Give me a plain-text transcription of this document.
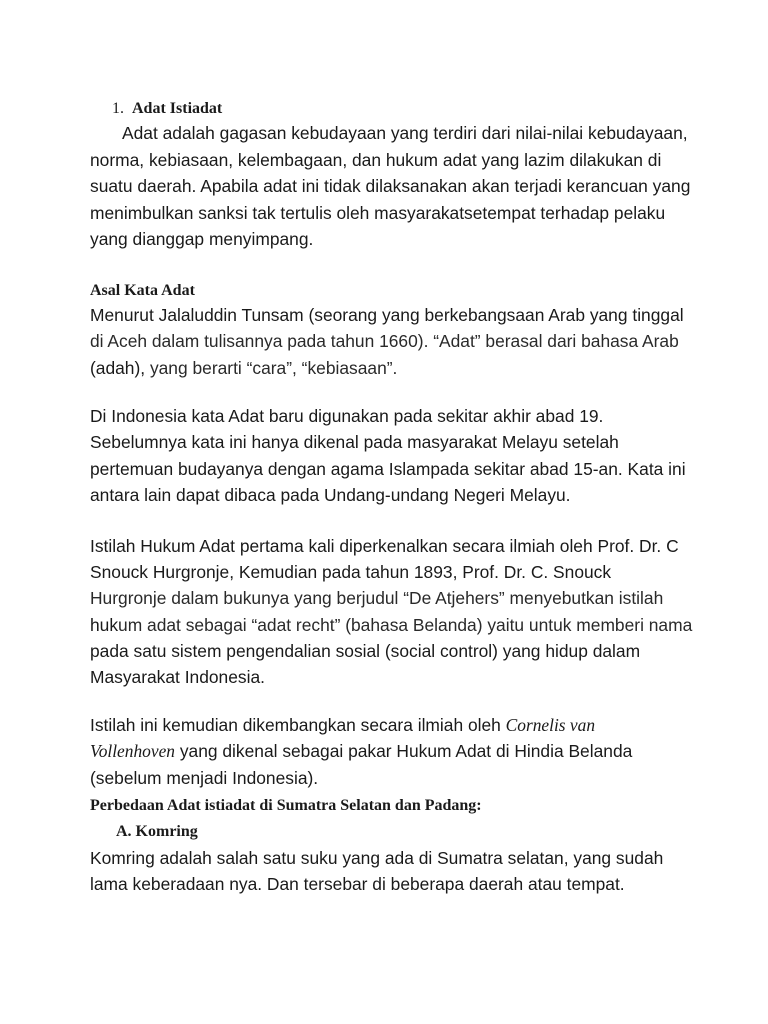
1. Adat Istiadat
Adat adalah gagasan kebudayaan yang terdiri dari nilai-nilai kebudayaan,
norma, kebiasaan, kelembagaan, dan hukum adat yang lazim dilakukan di
suatu daerah. Apabila adat ini tidak dilaksanakan akan terjadi kerancuan yang
menimbulkan sanksi tak tertulis oleh masyarakatsetempat terhadap pelaku
yang dianggap menyimpang.
Asal Kata Adat
Menurut Jalaluddin Tunsam (seorang yang berkebangsaan Arab yang tinggal
di Aceh dalam tulisannya pada tahun 1660). “Adat” berasal dari bahasa Arab
(adah), yang berarti “cara”, “kebiasaan”.
Di Indonesia kata Adat baru digunakan pada sekitar akhir abad 19.
Sebelumnya kata ini hanya dikenal pada masyarakat Melayu setelah
pertemuan budayanya dengan agama Islampada sekitar abad 15-an. Kata ini
antara lain dapat dibaca pada Undang-undang Negeri Melayu.
Istilah Hukum Adat pertama kali diperkenalkan secara ilmiah oleh Prof. Dr. C
Snouck Hurgronje, Kemudian pada tahun 1893, Prof. Dr. C. Snouck
Hurgronje dalam bukunya yang berjudul “De Atjehers” menyebutkan istilah
hukum adat sebagai “adat recht” (bahasa Belanda) yaitu untuk memberi nama
pada satu sistem pengendalian sosial (social control) yang hidup dalam
Masyarakat Indonesia.
Istilah ini kemudian dikembangkan secara ilmiah oleh Cornelis van
Vollenhoven yang dikenal sebagai pakar Hukum Adat di Hindia Belanda
(sebelum menjadi Indonesia).
Perbedaan Adat istiadat di Sumatra Selatan dan Padang:
A. Komring
Komring adalah salah satu suku yang ada di Sumatra selatan, yang sudah
lama keberadaan nya. Dan tersebar di beberapa daerah atau tempat.
